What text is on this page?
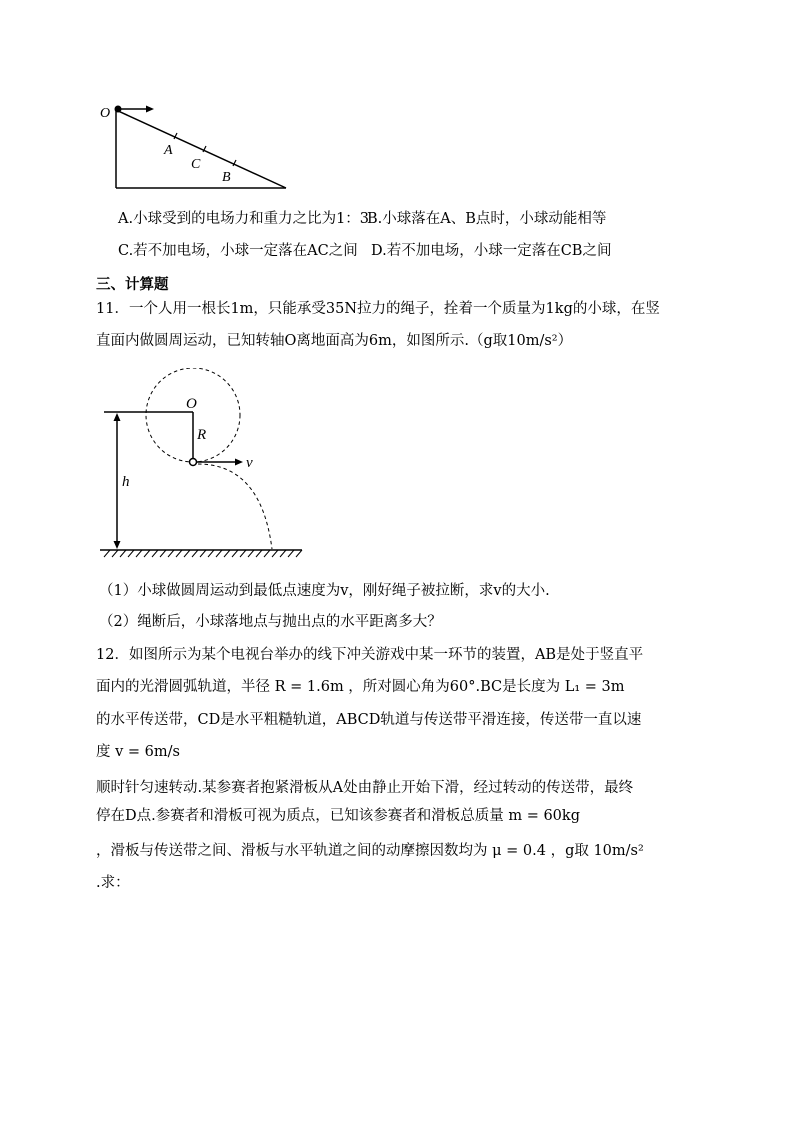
O
A
C
B
A.小球受到的电场力和重力之比为1：3
B.小球落在A、B点时，小球动能相等
C.若不加电场，小球一定落在AC之间 D.若不加电场，小球一定落在CB之间
三、计算题
11．一个人用一根长1m，只能承受35N拉力的绳子，拴着一个质量为1kg的小球，在竖
直面内做圆周运动，已知转轴O离地面高为6m，如图所示.（g取10m/s²）
O
R
v
h
（1）小球做圆周运动到最低点速度为v，刚好绳子被拉断，求v的大小.
（2）绳断后，小球落地点与抛出点的水平距离多大？
12．如图所示为某个电视台举办的线下冲关游戏中某一环节的装置，AB是处于竖直平
面内的光滑圆弧轨道，半径 R = 1.6m ，所对圆心角为60°.BC是长度为 L₁ = 3m
的水平传送带，CD是水平粗糙轨道，ABCD轨道与传送带平滑连接，传送带一直以速
度 v = 6m/s
顺时针匀速转动.某参赛者抱紧滑板从A处由静止开始下滑，经过转动的传送带，最终
停在D点.参赛者和滑板可视为质点，已知该参赛者和滑板总质量 m = 60kg
，滑板与传送带之间、滑板与水平轨道之间的动摩擦因数均为 μ = 0.4 ，g取 10m/s²
.求：
